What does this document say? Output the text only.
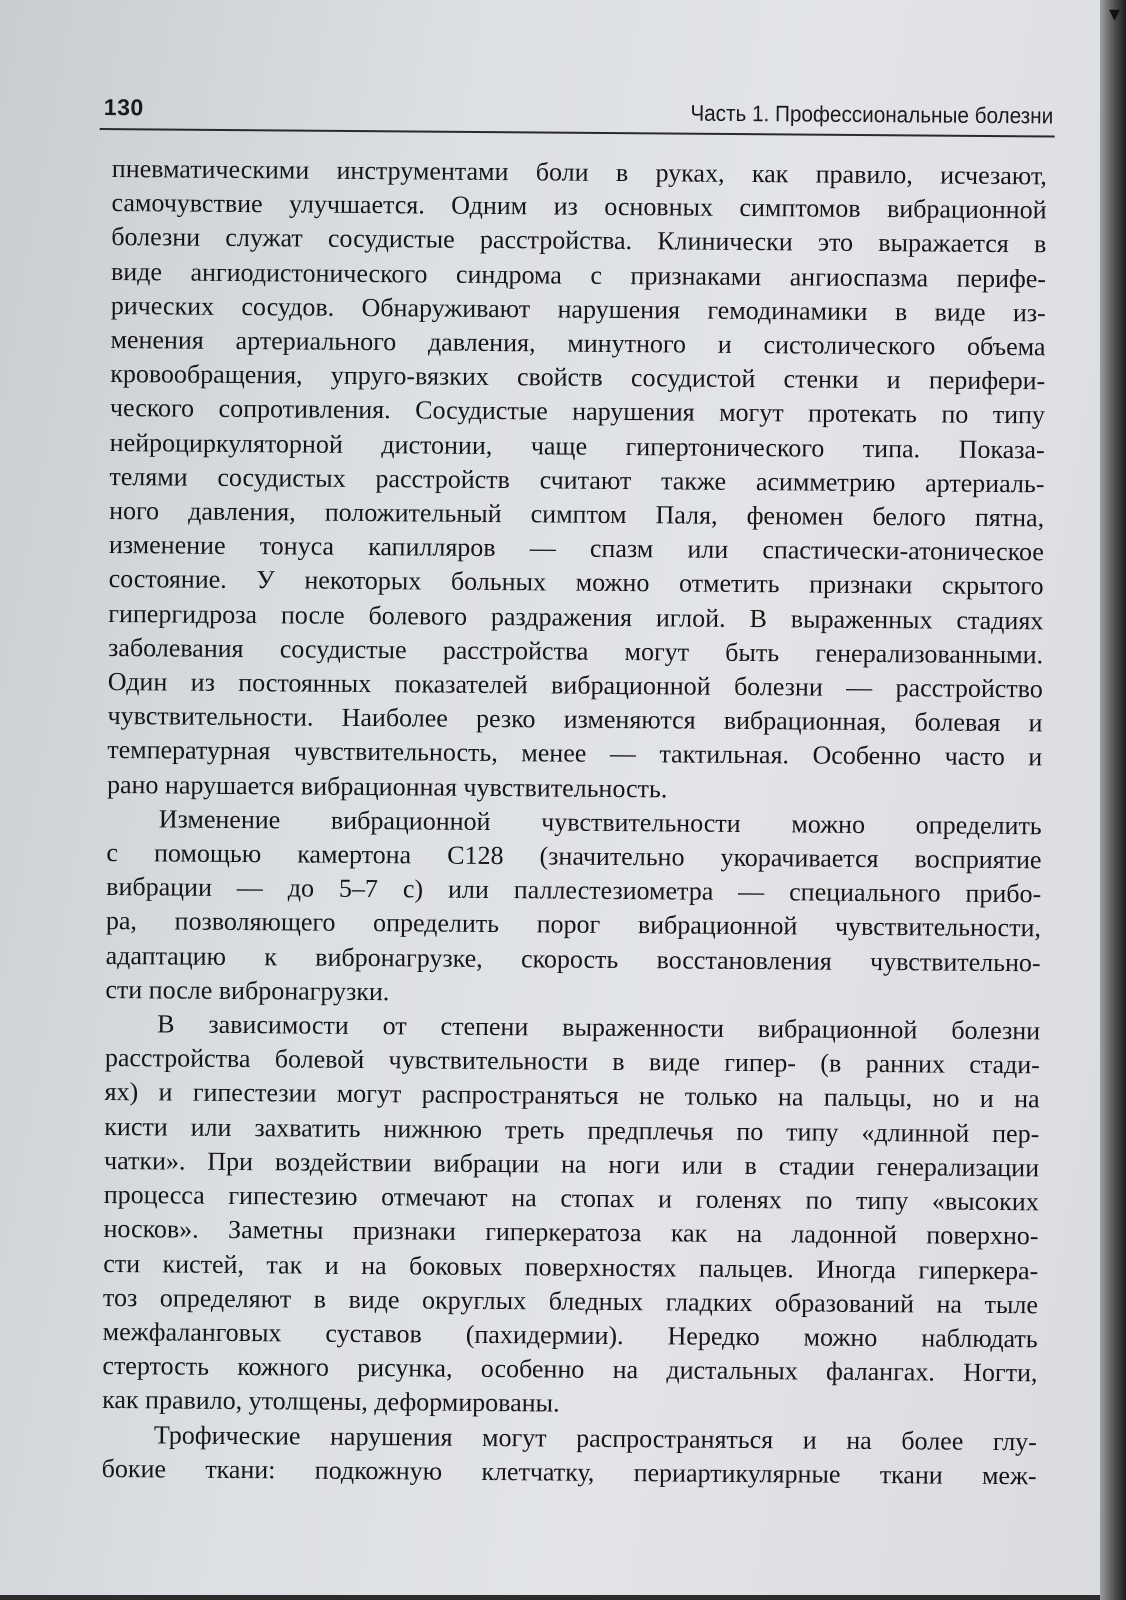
130	Часть 1. Профессиональные болезни
пневматическими инструментами боли в руках, как правило, исчезают,
самочувствие улучшается. Одним из основных симптомов вибрационной
болезни служат сосудистые расстройства. Клинически это выражается в
виде ангиодистонического синдрома с признаками ангиоспазма перифе-
рических сосудов. Обнаруживают нарушения гемодинамики в виде из-
менения артериального давления, минутного и систолического объема
кровообращения, упруго-вязких свойств сосудистой стенки и перифери-
ческого сопротивления. Сосудистые нарушения могут протекать по типу
нейроциркуляторной дистонии, чаще гипертонического типа. Показа-
телями сосудистых расстройств считают также асимметрию артериаль-
ного давления, положительный симптом Паля, феномен белого пятна,
изменение тонуса капилляров — спазм или спастически-атоническое
состояние. У некоторых больных можно отметить признаки скрытого
гипергидроза после болевого раздражения иглой. В выраженных стадиях
заболевания сосудистые расстройства могут быть генерализованными.
Один из постоянных показателей вибрационной болезни — расстройство
чувствительности. Наиболее резко изменяются вибрационная, болевая и
температурная чувствительность, менее — тактильная. Особенно часто и
рано нарушается вибрационная чувствительность.
Изменение вибрационной чувствительности можно определить
с помощью камертона С128 (значительно укорачивается восприятие
вибрации — до 5–7 с) или паллестезиометра — специального прибо-
ра, позволяющего определить порог вибрационной чувствительности,
адаптацию к вибронагрузке, скорость восстановления чувствительно-
сти после вибронагрузки.
В зависимости от степени выраженности вибрационной болезни
расстройства болевой чувствительности в виде гипер- (в ранних стади-
ях) и гипестезии могут распространяться не только на пальцы, но и на
кисти или захватить нижнюю треть предплечья по типу «длинной пер-
чатки». При воздействии вибрации на ноги или в стадии генерализации
процесса гипестезию отмечают на стопах и голенях по типу «высоких
носков». Заметны признаки гиперкератоза как на ладонной поверхно-
сти кистей, так и на боковых поверхностях пальцев. Иногда гиперкера-
тоз определяют в виде округлых бледных гладких образований на тыле
межфаланговых суставов (пахидермии). Нередко можно наблюдать
стертость кожного рисунка, особенно на дистальных фалангах. Ногти,
как правило, утолщены, деформированы.
Трофические нарушения могут распространяться и на более глу-
бокие ткани: подкожную клетчатку, периартикулярные ткани меж-
▾
